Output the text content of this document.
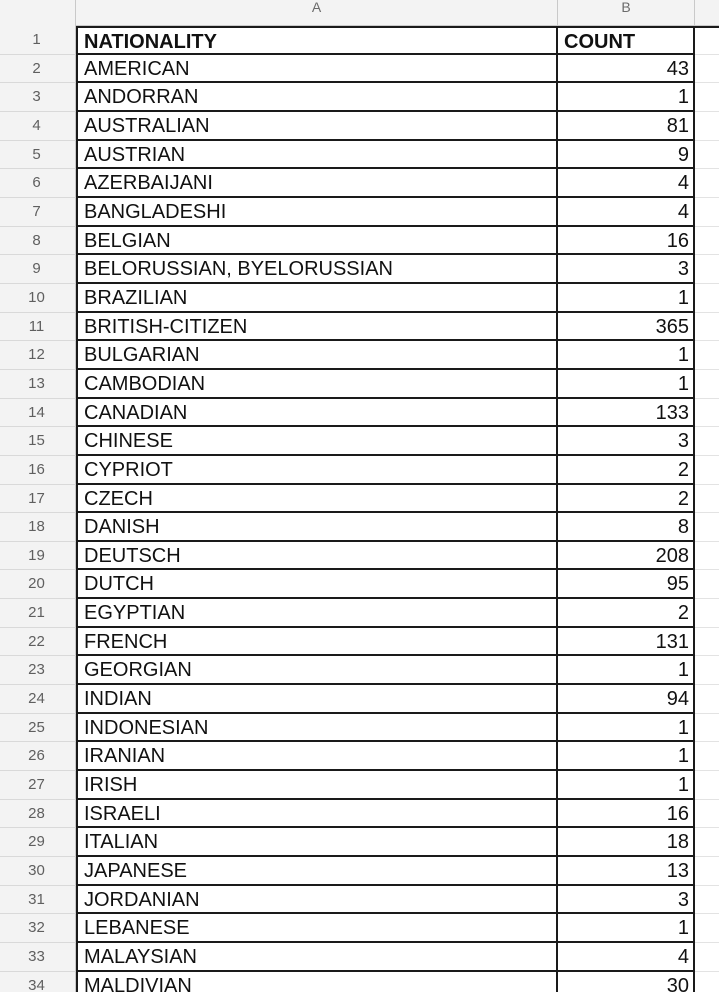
A	B
1	NATIONALITY	COUNT
2	AMERICAN	43
3	ANDORRAN	1
4	AUSTRALIAN	81
5	AUSTRIAN	9
6	AZERBAIJANI	4
7	BANGLADESHI	4
8	BELGIAN	16
9	BELORUSSIAN, BYELORUSSIAN	3
10	BRAZILIAN	1
11	BRITISH-CITIZEN	365
12	BULGARIAN	1
13	CAMBODIAN	1
14	CANADIAN	133
15	CHINESE	3
16	CYPRIOT	2
17	CZECH	2
18	DANISH	8
19	DEUTSCH	208
20	DUTCH	95
21	EGYPTIAN	2
22	FRENCH	131
23	GEORGIAN	1
24	INDIAN	94
25	INDONESIAN	1
26	IRANIAN	1
27	IRISH	1
28	ISRAELI	16
29	ITALIAN	18
30	JAPANESE	13
31	JORDANIAN	3
32	LEBANESE	1
33	MALAYSIAN	4
34	MALDIVIAN	30
